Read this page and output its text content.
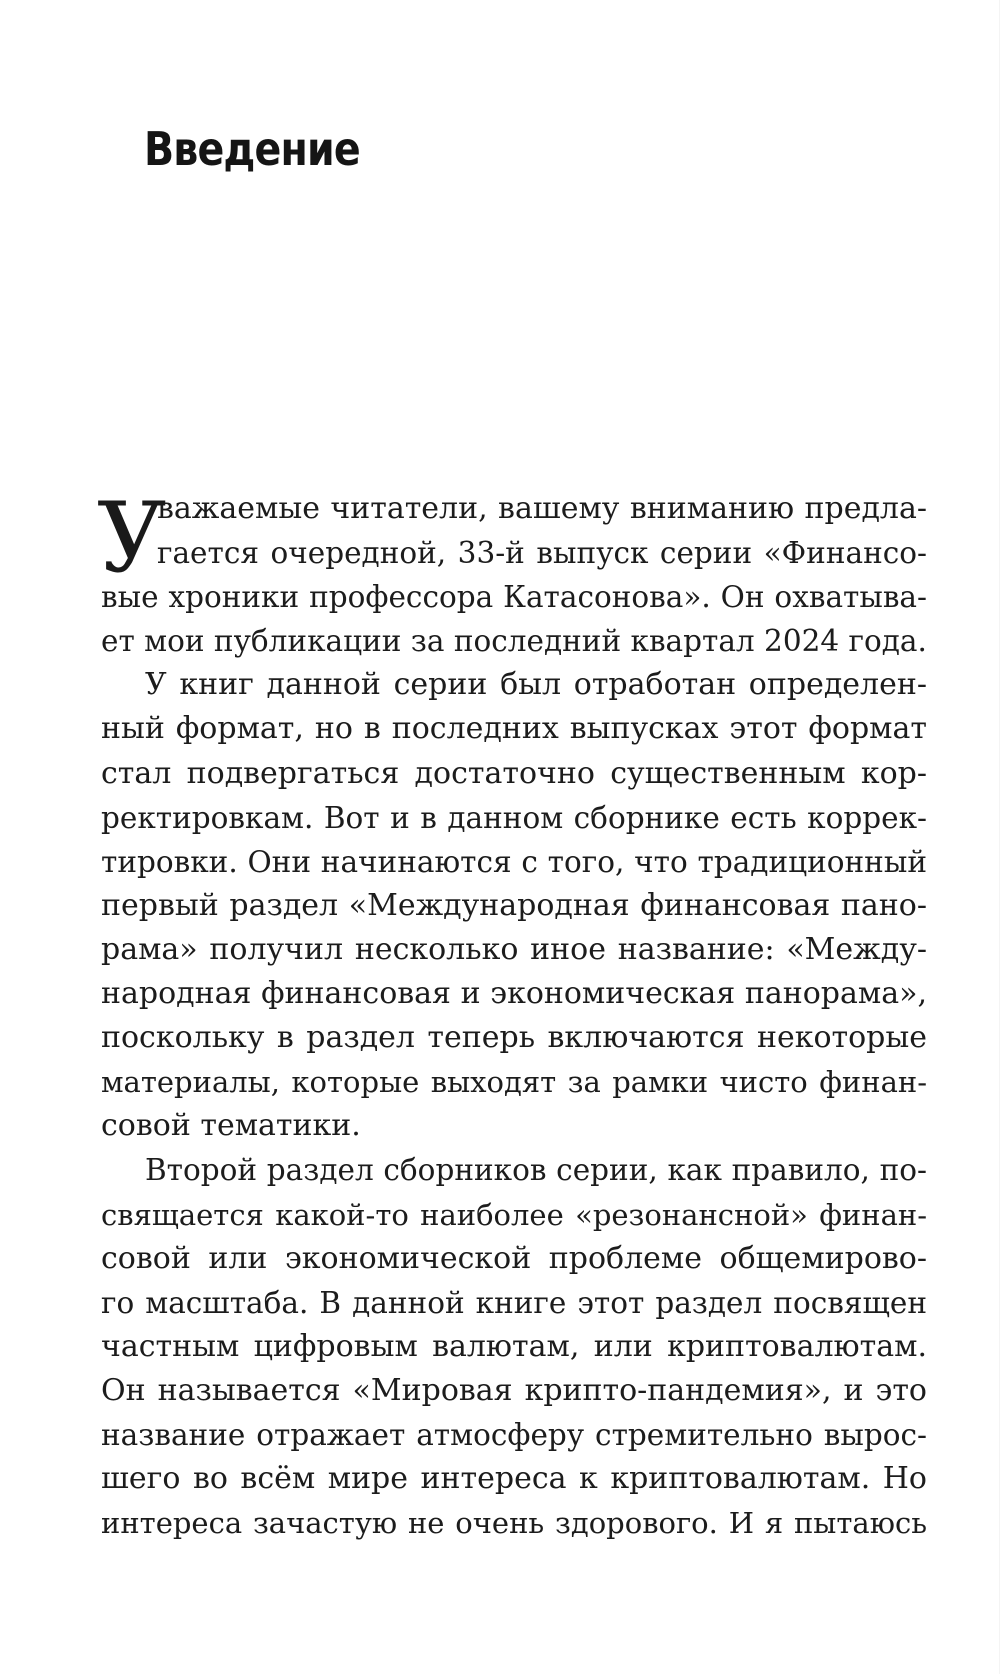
Введение
У
важаемые читатели, вашему вниманию предла-
гается очередной, 33-й выпуск серии «Финансо-
вые хроники профессора Катасонова». Он охватыва-
ет мои публикации за последний квартал 2024 года.
У книг данной серии был отработан определен-
ный формат, но в последних выпусках этот формат
стал подвергаться достаточно существенным кор-
ректировкам. Вот и в данном сборнике есть коррек-
тировки. Они начинаются с того, что традиционный
первый раздел «Международная финансовая пано-
рама» получил несколько иное название: «Между-
народная финансовая и экономическая панорама»,
поскольку в раздел теперь включаются некоторые
материалы, которые выходят за рамки чисто финан-
совой тематики.
Второй раздел сборников серии, как правило, по-
свящается какой-то наиболее «резонансной» финан-
совой или экономической проблеме общемирово-
го масштаба. В данной книге этот раздел посвящен
частным цифровым валютам, или криптовалютам.
Он называется «Мировая крипто-пандемия», и это
название отражает атмосферу стремительно вырос-
шего во всём мире интереса к криптовалютам. Но
интереса зачастую не очень здорового. И я пытаюсь
